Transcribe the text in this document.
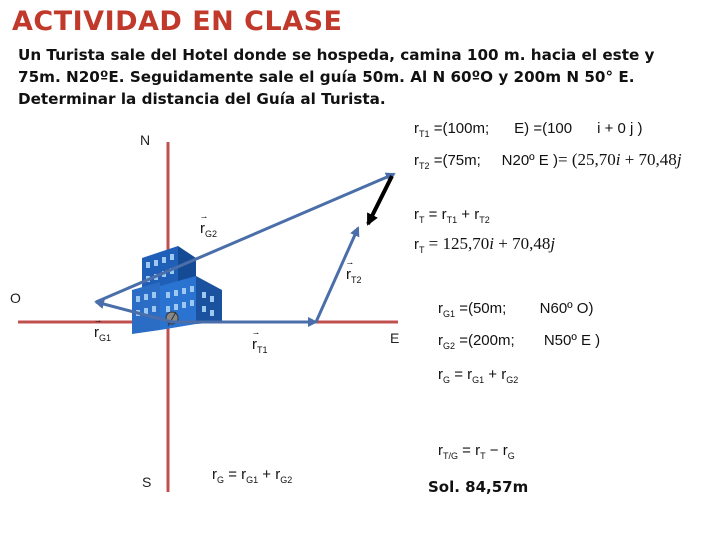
ACTIVIDAD EN CLASE
Un Turista sale del Hotel donde se hospeda, camina 100 m. hacia el este y
75m. N20ºE. Seguidamente sale el guía 50m. Al N 60ºO y 200m N 50° E.
Determinar la distancia del Guía al Turista.
N
S
O
E
⇀
$r_{T1}$
⇀
$r_{T2}$
⇀
$r_{G1}$
⇀
$r_{G2}$
$r_{T1} =(100m$; E) =(100 i + 0 j )
$r_{T2} =(75m$; N20º E )= (25,70i + 70,48j
$r_T = r_{T1} + r_{T2}$
$r_T = 125,70i + 70,48j$
$r_{G1} =(50m$; N60º O)
$r_{G2} =(200m$; N50º E )
$r_G = r_{G1} + r_{G2}$
$r_{T/G} = r_T - r_G$
$r_G = r_{G1} + r_{G2}$	Sol. 84,57m
